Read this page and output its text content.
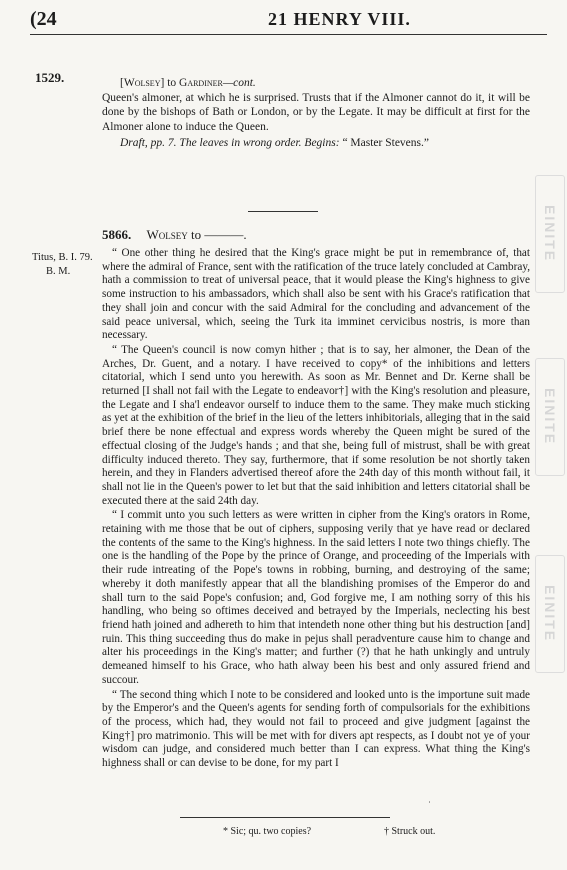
(24	21 HENRY VIII.
1529.
EINITE
EINITE
EINITE
[Wolsey] to Gardiner—cont.

Queen's almoner, at which he is surprised. Trusts that if the Almoner cannot do it, it will be done by the bishops of Bath or London, or by the Legate. It may be difficult at first for the Almoner alone to induce the Queen.

Draft, pp. 7. The leaves in wrong order. Begins: “ Master Stevens.”
5866. Wolsey to ———.
Titus, B. I. 79.
B. M.

“ One other thing he desired that the King's grace might be put in remembrance of, that where the admiral of France, sent with the ratification of the truce lately concluded at Cambray, hath a commission to treat of universal peace, that it would please the King's highness to give some instruction to his ambassadors, which shall also be sent with his Grace's ratification that they shall join and concur with the said Admiral for the concluding and advancement of the said peace universal, which, seeing the Turk ita imminet cervicibus nostris, is more than necessary.

“ The Queen's council is now comyn hither ; that is to say, her almoner, the Dean of the Arches, Dr. Guent, and a notary. I have received to copy* of the inhibitions and letters citatorial, which I send unto you herewith. As soon as Mr. Bennet and Dr. Kerne shall be returned [I shall not fail with the Legate to endeavor†] with the King's resolution and pleasure, the Legate and I sha'l endeavor ourself to induce them to the same. They make much sticking as yet at the exhibition of the brief in the lieu of the letters inhibitorials, alleging that in the said brief there be none effectual and express words whereby the Queen might be sured of the effectual closing of the Judge's hands ; and that she, being full of mistrust, shall be with great difficulty induced thereto. They say, furthermore, that if some resolution be not shortly taken herein, and they in Flanders advertised thereof afore the 24th day of this month without fail, it shall not lie in the Queen's power to let but that the said inhibition and letters citatorial shall be executed there at the said 24th day.

“ I commit unto you such letters as were written in cipher from the King's orators in Rome, retaining with me those that be out of ciphers, supposing verily that ye have read or declared the contents of the same to the King's highness. In the said letters I note two things chiefly. The one is the handling of the Pope by the prince of Orange, and proceeding of the Imperials with their rude intreating of the Pope's towns in robbing, burning, and destroying of the same; whereby it doth manifestly appear that all the blandishing promises of the Emperor do and shall turn to the said Pope's confusion; and, God forgive me, I am nothing sorry of this his handling, who being so oftimes deceived and betrayed by the Imperials, neclecting his best friend hath joined and adhereth to him that intendeth none other thing but his destruction [and] ruin. This thing succeeding thus do make in pejus shall peradventure cause him to change and alter his proceedings in the King's matter; and further (?) that he hath unkingly and untruly demeaned himself to his Grace, who hath alway been his best and only assured friend and succour.

“ The second thing which I note to be considered and looked unto is the importune suit made by the Emperor's and the Queen's agents for sending forth of compulsorials for the exhibitions of the process, which had, they would not fail to proceed and give judgment [against the King†] pro matrimonio. This will be met with for divers apt respects, as I doubt not ye of your wisdom can judge, and considered much better than I can express. What thing the King's highness shall or can devise to be done, for my part I

˙
* Sic; qu. two copies?	† Struck out.
